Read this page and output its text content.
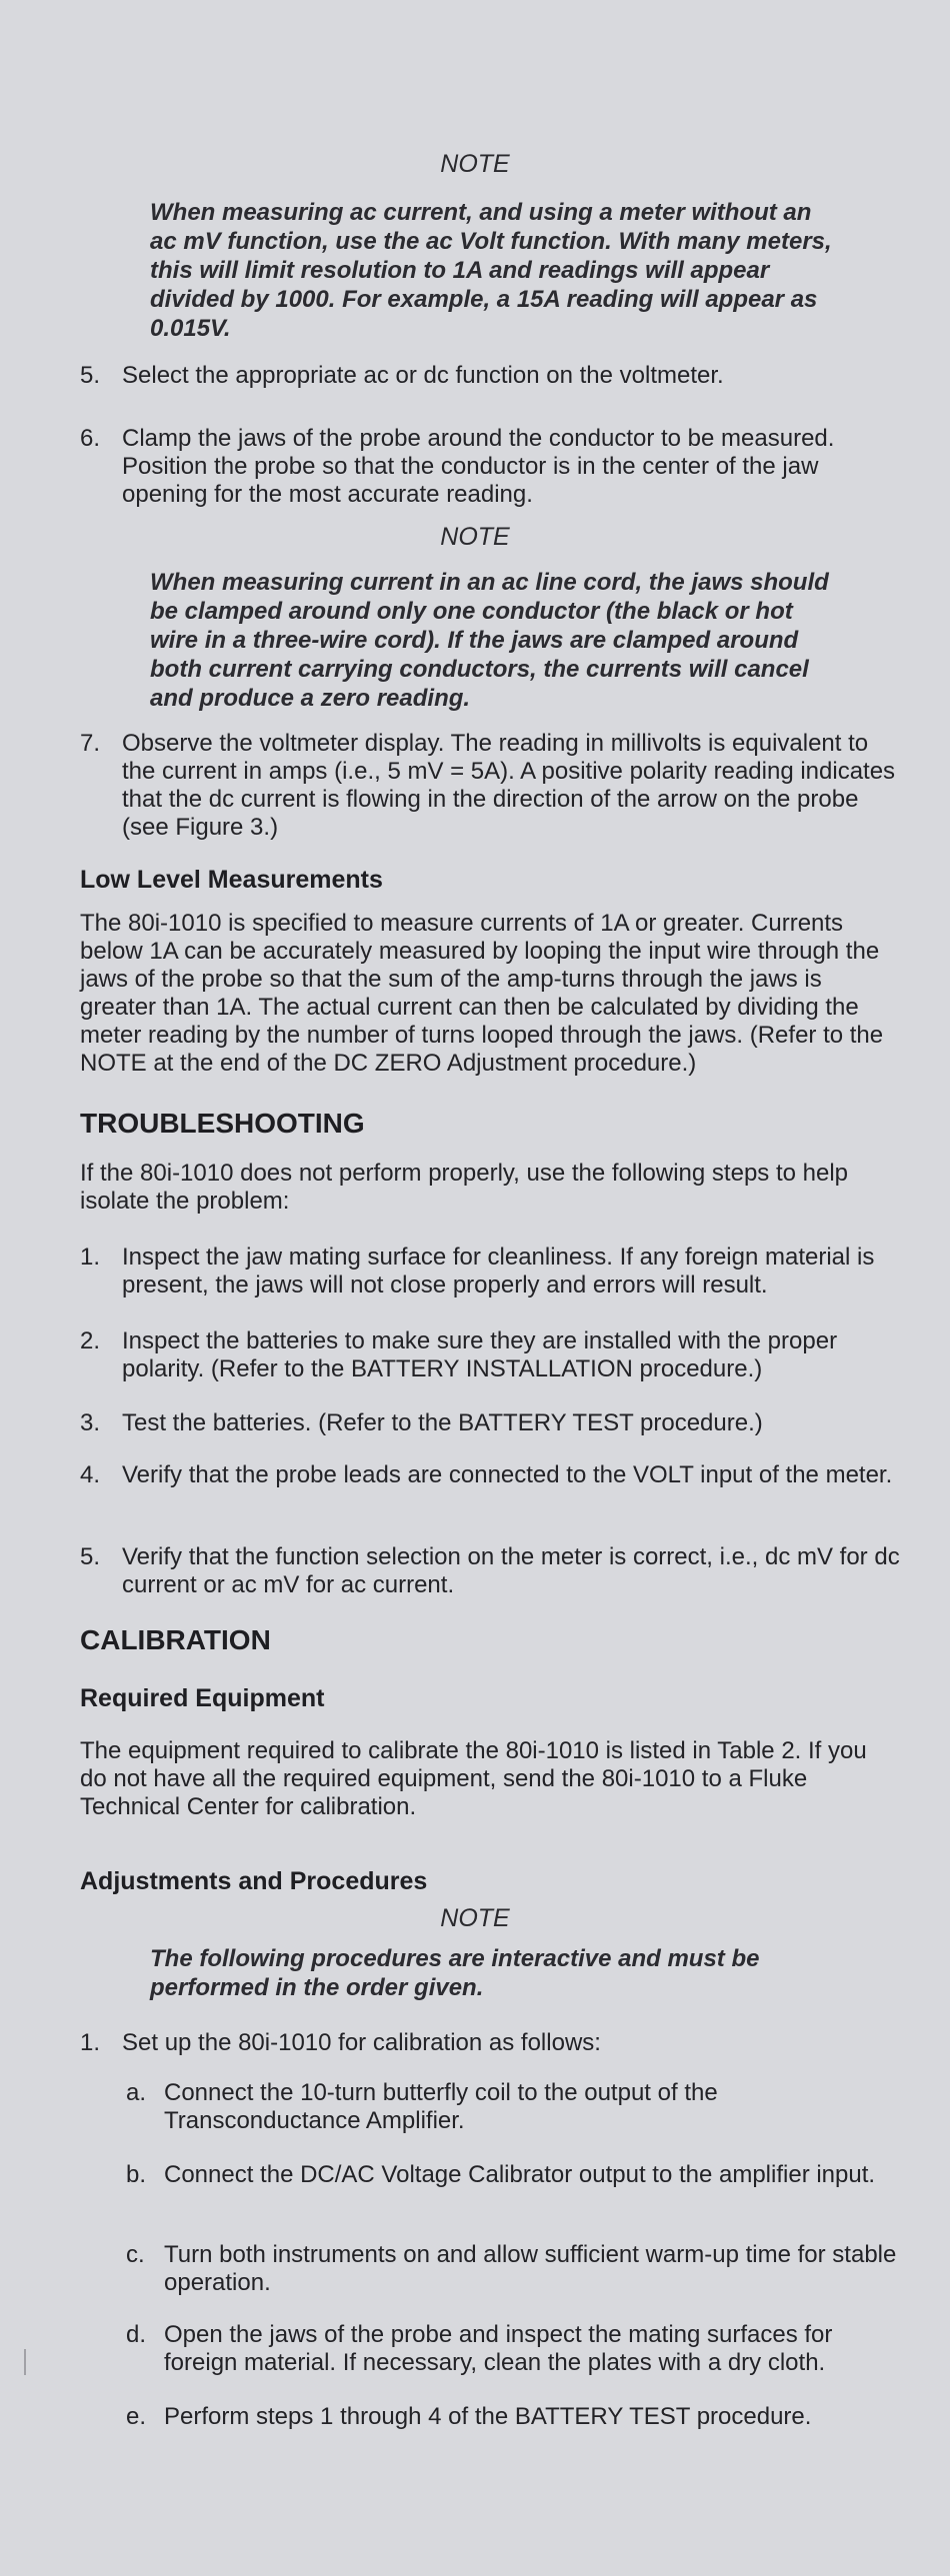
NOTE

When measuring ac current, and using a meter without an ac mV function, use the ac Volt function. With many meters, this will limit resolution to 1A and readings will appear divided by 1000. For example, a 15A reading will appear as 0.015V.

5. Select the appropriate ac or dc function on the voltmeter.
6. Clamp the jaws of the probe around the conductor to be measured. Position the probe so that the conductor is in the center of the jaw opening for the most accurate reading.
NOTE

When measuring current in an ac line cord, the jaws should be clamped around only one conductor (the black or hot wire in a three-wire cord). If the jaws are clamped around both current carrying conductors, the currents will cancel and produce a zero reading.

7. Observe the voltmeter display. The reading in millivolts is equivalent to the current in amps (i.e., 5 mV = 5A). A positive polarity reading indicates that the dc current is flowing in the direction of the arrow on the probe (see Figure 3.)
Low Level Measurements

The 80i-1010 is specified to measure currents of 1A or greater. Currents below 1A can be accurately measured by looping the input wire through the jaws of the probe so that the sum of the amp-turns through the jaws is greater than 1A. The actual current can then be calculated by dividing the meter reading by the number of turns looped through the jaws. (Refer to the NOTE at the end of the DC ZERO Adjustment procedure.)

TROUBLESHOOTING

If the 80i-1010 does not perform properly, use the following steps to help isolate the problem:

1. Inspect the jaw mating surface for cleanliness. If any foreign material is present, the jaws will not close properly and errors will result.
2. Inspect the batteries to make sure they are installed with the proper polarity. (Refer to the BATTERY INSTALLATION procedure.)
3. Test the batteries. (Refer to the BATTERY TEST procedure.)
4. Verify that the probe leads are connected to the VOLT input of the meter.
5. Verify that the function selection on the meter is correct, i.e., dc mV for dc current or ac mV for ac current.
CALIBRATION
Required Equipment

The equipment required to calibrate the 80i-1010 is listed in Table 2. If you do not have all the required equipment, send the 80i-1010 to a Fluke Technical Center for calibration.

Adjustments and Procedures
NOTE

The following procedures are interactive and must be performed in the order given.

1. Set up the 80i-1010 for calibration as follows:
a. Connect the 10-turn butterfly coil to the output of the Transconductance Amplifier.
b. Connect the DC/AC Voltage Calibrator output to the amplifier input.
c. Turn both instruments on and allow sufficient warm-up time for stable operation.
d. Open the jaws of the probe and inspect the mating surfaces for foreign material. If necessary, clean the plates with a dry cloth.
e. Perform steps 1 through 4 of the BATTERY TEST procedure.
